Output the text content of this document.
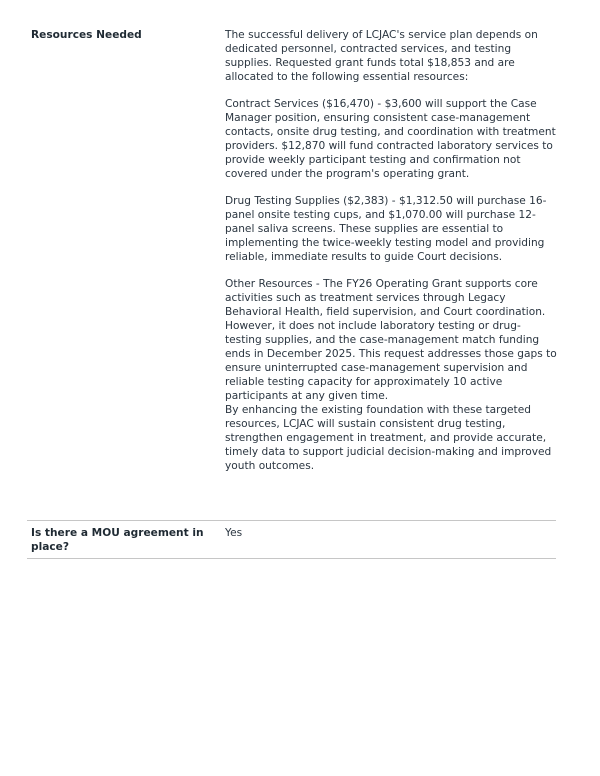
Resources Needed	The successful delivery of LCJAC's service plan depends on dedicated personnel, contracted services, and testing supplies. Requested grant funds total $18,853 and are allocated to the following essential resources:

Contract Services ($16,470) - $3,600 will support the Case Manager position, ensuring consistent case-management contacts, onsite drug testing, and coordination with treatment providers. $12,870 will fund contracted laboratory services to provide weekly participant testing and confirmation not covered under the program's operating grant.

Drug Testing Supplies ($2,383) - $1,312.50 will purchase 16-panel onsite testing cups, and $1,070.00 will purchase 12-panel saliva screens. These supplies are essential to implementing the twice-weekly testing model and providing reliable, immediate results to guide Court decisions.

Other Resources - The FY26 Operating Grant supports core activities such as treatment services through Legacy Behavioral Health, field supervision, and Court coordination. However, it does not include laboratory testing or drug-testing supplies, and the case-management match funding ends in December 2025. This request addresses those gaps to ensure uninterrupted case-management supervision and reliable testing capacity for approximately 10 active participants at any given time.

By enhancing the existing foundation with these targeted resources, LCJAC will sustain consistent drug testing, strengthen engagement in treatment, and provide accurate, timely data to support judicial decision-making and improved youth outcomes.

Is there a MOU agreement in place?
Yes
